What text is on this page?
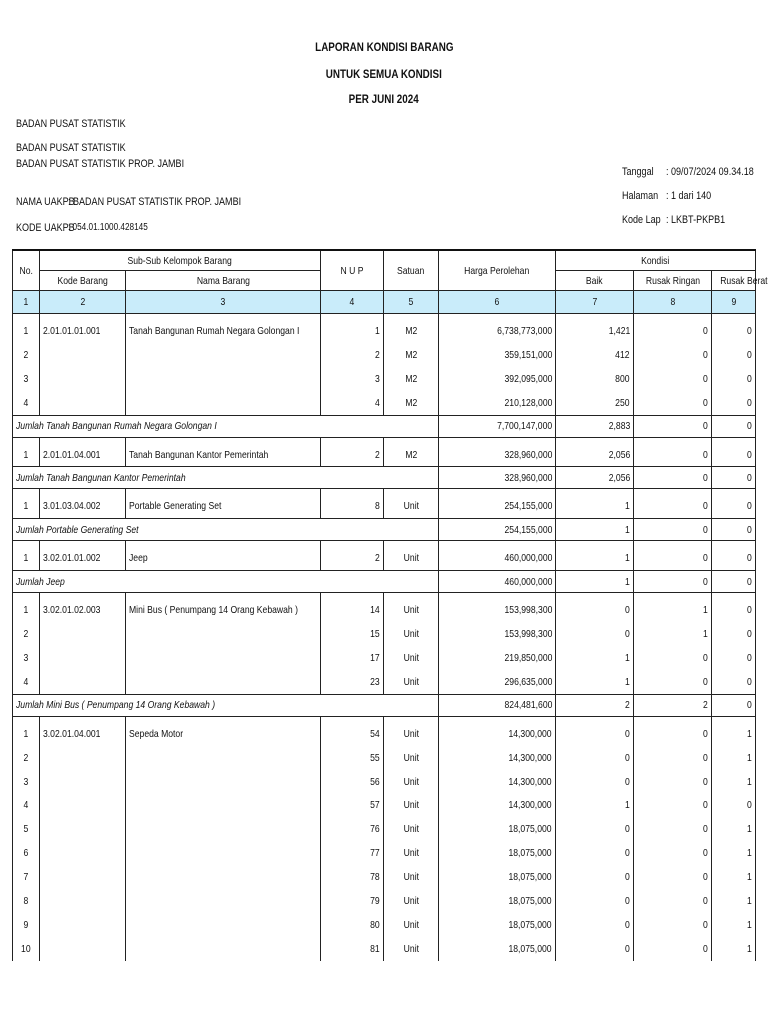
LAPORAN KONDISI BARANG
UNTUK SEMUA KONDISI
PER JUNI 2024
BADAN PUSAT STATISTIK
BADAN PUSAT STATISTIK
BADAN PUSAT STATISTIK PROP. JAMBI
NAMA UAKPB
: BADAN PUSAT STATISTIK PROP. JAMBI
KODE UAKPB
: 054.01.1000.428145
Tanggal	: 09/07/2024 09.34.18
Halaman : 1 dari 140
Kode Lap : LKBT-PKPB1
No.	Sub-Sub Kelompok Barang		N U P	Satuan	Harga Perolehan	Kondisi		
	Kode Barang	Nama Barang				Baik	Rusak Ringan	Rusak Berat
1	2	3	4	5	6	7	8	9

1	2.01.01.01.001	Tanah Bangunan Rumah Negara Golongan I	1	M2	6,738,773,000	1,421	0	0
2			2	M2	359,151,000	412	0	0
3			3	M2	392,095,000	800	0	0
4			4	M2	210,128,000	250	0	0
Jumlah Tanah Bangunan Rumah Negara Golongan I					7,700,147,000	2,883	0	0

1	2.01.01.04.001	Tanah Bangunan Kantor Pemerintah	2	M2	328,960,000	2,056	0	0
Jumlah Tanah Bangunan Kantor Pemerintah					328,960,000	2,056	0	0

1	3.01.03.04.002	Portable Generating Set	8	Unit	254,155,000	1	0	0
Jumlah Portable Generating Set					254,155,000	1	0	0

1	3.02.01.01.002	Jeep	2	Unit	460,000,000	1	0	0
Jumlah Jeep					460,000,000	1	0	0

1	3.02.01.02.003	Mini Bus ( Penumpang 14 Orang Kebawah )	14	Unit	153,998,300	0	1	0
2			15	Unit	153,998,300	0	1	0
3			17	Unit	219,850,000	1	0	0
4			23	Unit	296,635,000	1	0	0
Jumlah Mini Bus ( Penumpang 14 Orang Kebawah )					824,481,600	2	2	0

1	3.02.01.04.001	Sepeda Motor	54	Unit	14,300,000	0	0	1
2			55	Unit	14,300,000	0	0	1
3			56	Unit	14,300,000	0	0	1
4			57	Unit	14,300,000	1	0	0
5			76	Unit	18,075,000	0	0	1
6			77	Unit	18,075,000	0	0	1
7			78	Unit	18,075,000	0	0	1
8			79	Unit	18,075,000	0	0	1
9			80	Unit	18,075,000	0	0	1
10			81	Unit	18,075,000	0	0	1
